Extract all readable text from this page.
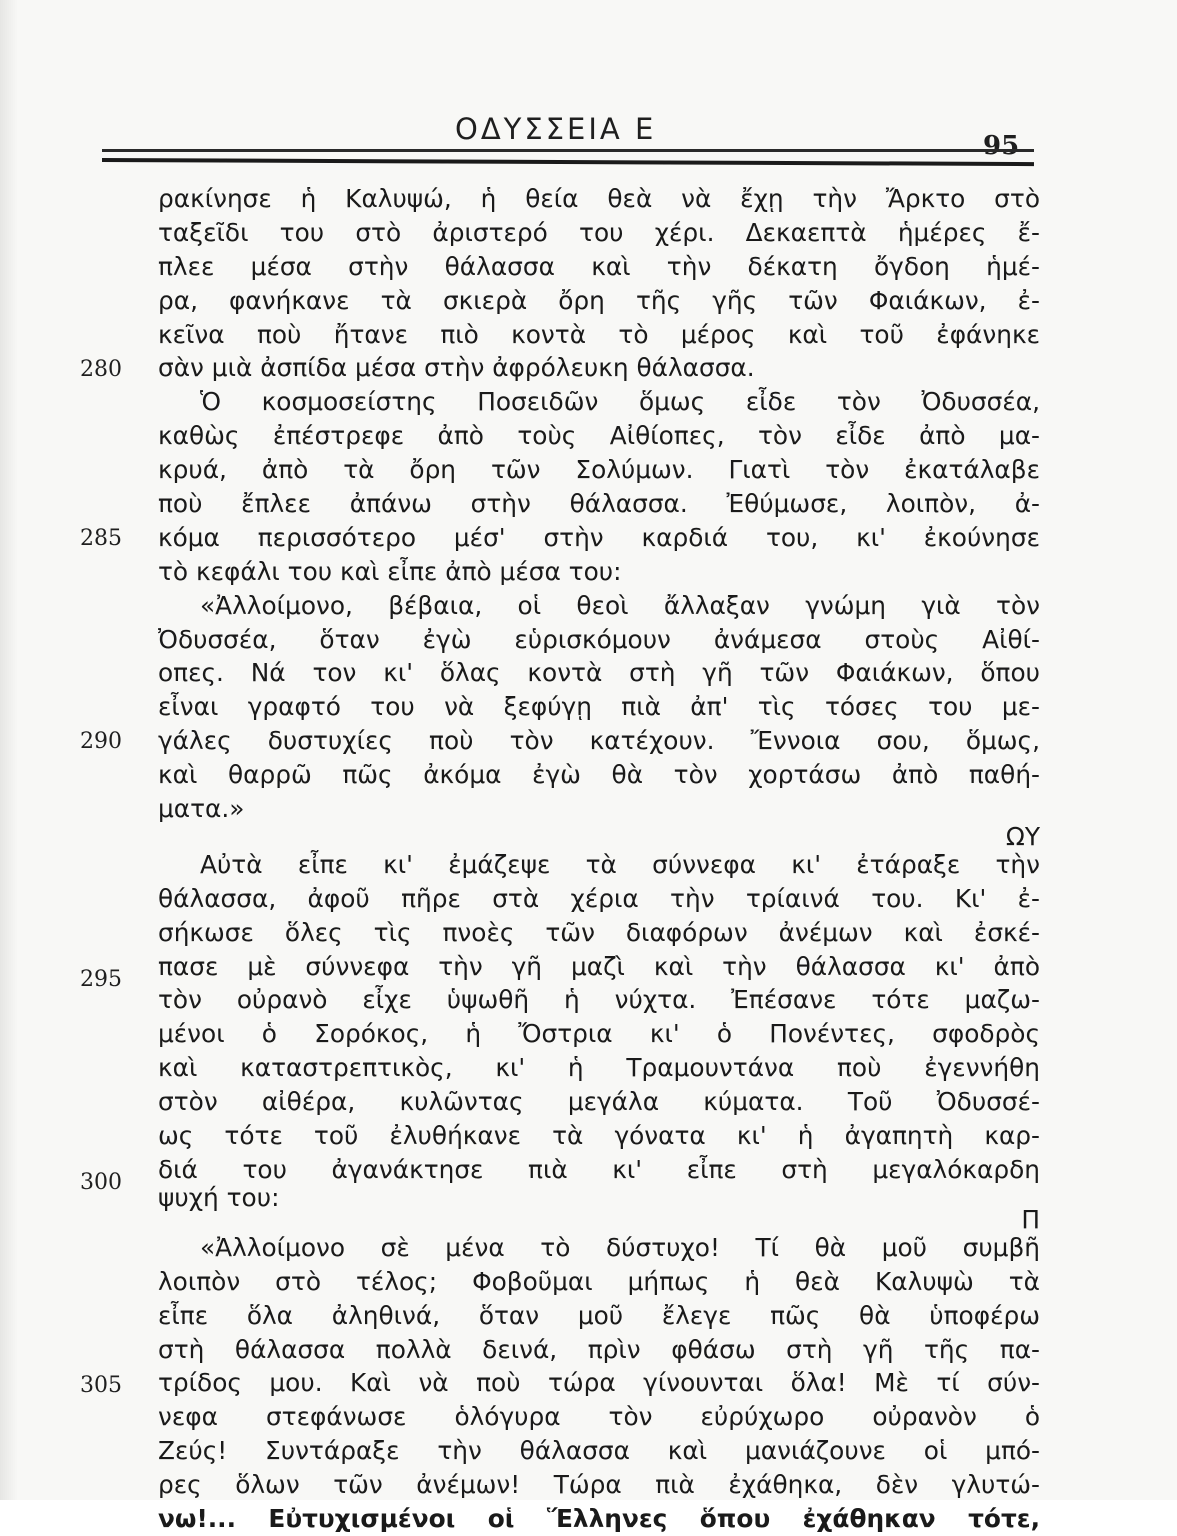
ΟΔΥΣΣΕΙΑ Ε	95
280
285
290
295
300
305
ρακίνησε ἡ Καλυψώ, ἡ θεία θεὰ νὰ ἔχῃ τὴν Ἄρκτο στὸ
ταξεῖδι του στὸ ἀριστερό του χέρι. Δεκαεπτὰ ἡμέρες ἔ-
πλεε μέσα στὴν θάλασσα καὶ τὴν δέκατη ὄγδοη ἡμέ-
ρα, φανήκανε τὰ σκιερὰ ὄρη τῆς γῆς τῶν Φαιάκων, ἐ-
κεῖνα ποὺ ἤτανε πιὸ κοντὰ τὸ μέρος καὶ τοῦ ἐφάνηκε
σὰν μιὰ ἀσπίδα μέσα στὴν ἀφρόλευκη θάλασσα.
Ὁ κοσμοσείστης Ποσειδῶν ὅμως εἶδε τὸν Ὀδυσσέα,
καθὼς ἐπέστρεφε ἀπὸ τοὺς Αἰθίοπες, τὸν εἶδε ἀπὸ μα-
κρυά, ἀπὸ τὰ ὄρη τῶν Σολύμων. Γιατὶ τὸν ἐκατάλαβε
ποὺ ἔπλεε ἀπάνω στὴν θάλασσα. Ἐθύμωσε, λοιπὸν, ἀ-
κόμα περισσότερο μέσ' στὴν καρδιά του, κι' ἐκούνησε
τὸ κεφάλι του καὶ εἶπε ἀπὸ μέσα του:
«Ἀλλοίμονο, βέβαια, οἱ θεοὶ ἄλλαξαν γνώμη γιὰ τὸν
Ὀδυσσέα, ὅταν ἐγὼ εὑρισκόμουν ἀνάμεσα στοὺς Αἰθί-
οπες. Νά τον κι' ὅλας κοντὰ στὴ γῆ τῶν Φαιάκων, ὅπου
εἶναι γραφτό του νὰ ξεφύγῃ πιὰ ἀπ' τὶς τόσες του με-
γάλες δυστυχίες ποὺ τὸν κατέχουν. Ἔννοια σου, ὅμως,
καὶ θαρρῶ πῶς ἀκόμα ἐγὼ θὰ τὸν χορτάσω ἀπὸ παθή-
ματα.»
ΩΥ
Αὐτὰ εἶπε κι' ἐμάζεψε τὰ σύννεφα κι' ἐτάραξε τὴν
θάλασσα, ἀφοῦ πῆρε στὰ χέρια τὴν τρίαινά του. Κι' ἐ-
σήκωσε ὅλες τὶς πνοὲς τῶν διαφόρων ἀνέμων καὶ ἐσκέ-
πασε μὲ σύννεφα τὴν γῆ μαζὶ καὶ τὴν θάλασσα κι' ἀπὸ
τὸν οὐρανὸ εἶχε ὑψωθῆ ἡ νύχτα. Ἐπέσανε τότε μαζω-
μένοι ὁ Σορόκος, ἡ Ὄστρια κι' ὁ Πονέντες, σφοδρὸς
καὶ καταστρεπτικὸς, κι' ἡ Τραμουντάνα ποὺ ἐγεννήθη
στὸν αἰθέρα, κυλῶντας μεγάλα κύματα. Τοῦ Ὀδυσσέ-
ως τότε τοῦ ἐλυθήκανε τὰ γόνατα κι' ἡ ἀγαπητὴ καρ-
διά του ἀγανάκτησε πιὰ κι' εἶπε στὴ μεγαλόκαρδη
ψυχή του:
Π
«Ἀλλοίμονο σὲ μένα τὸ δύστυχο! Τί θὰ μοῦ συμβῆ
λοιπὸν στὸ τέλος; Φοβοῦμαι μήπως ἡ θεὰ Καλυψὼ τὰ
εἶπε ὅλα ἀληθινά, ὅταν μοῦ ἔλεγε πῶς θὰ ὑποφέρω
στὴ θάλασσα πολλὰ δεινά, πρὶν φθάσω στὴ γῆ τῆς πα-
τρίδος μου. Καὶ νὰ ποὺ τώρα γίνουνται ὅλα! Μὲ τί σύν-
νεφα στεφάνωσε ὁλόγυρα τὸν εὐρύχωρο οὐρανὸν ὁ
Ζεύς! Συντάραξε τὴν θάλασσα καὶ μανιάζουνε οἱ μπό-
ρες ὅλων τῶν ἀνέμων! Τώρα πιὰ ἐχάθηκα, δὲν γλυτώ-
νω!... Εὐτυχισμένοι οἱ Ἕλληνες ὅπου ἐχάθηκαν τότε,
